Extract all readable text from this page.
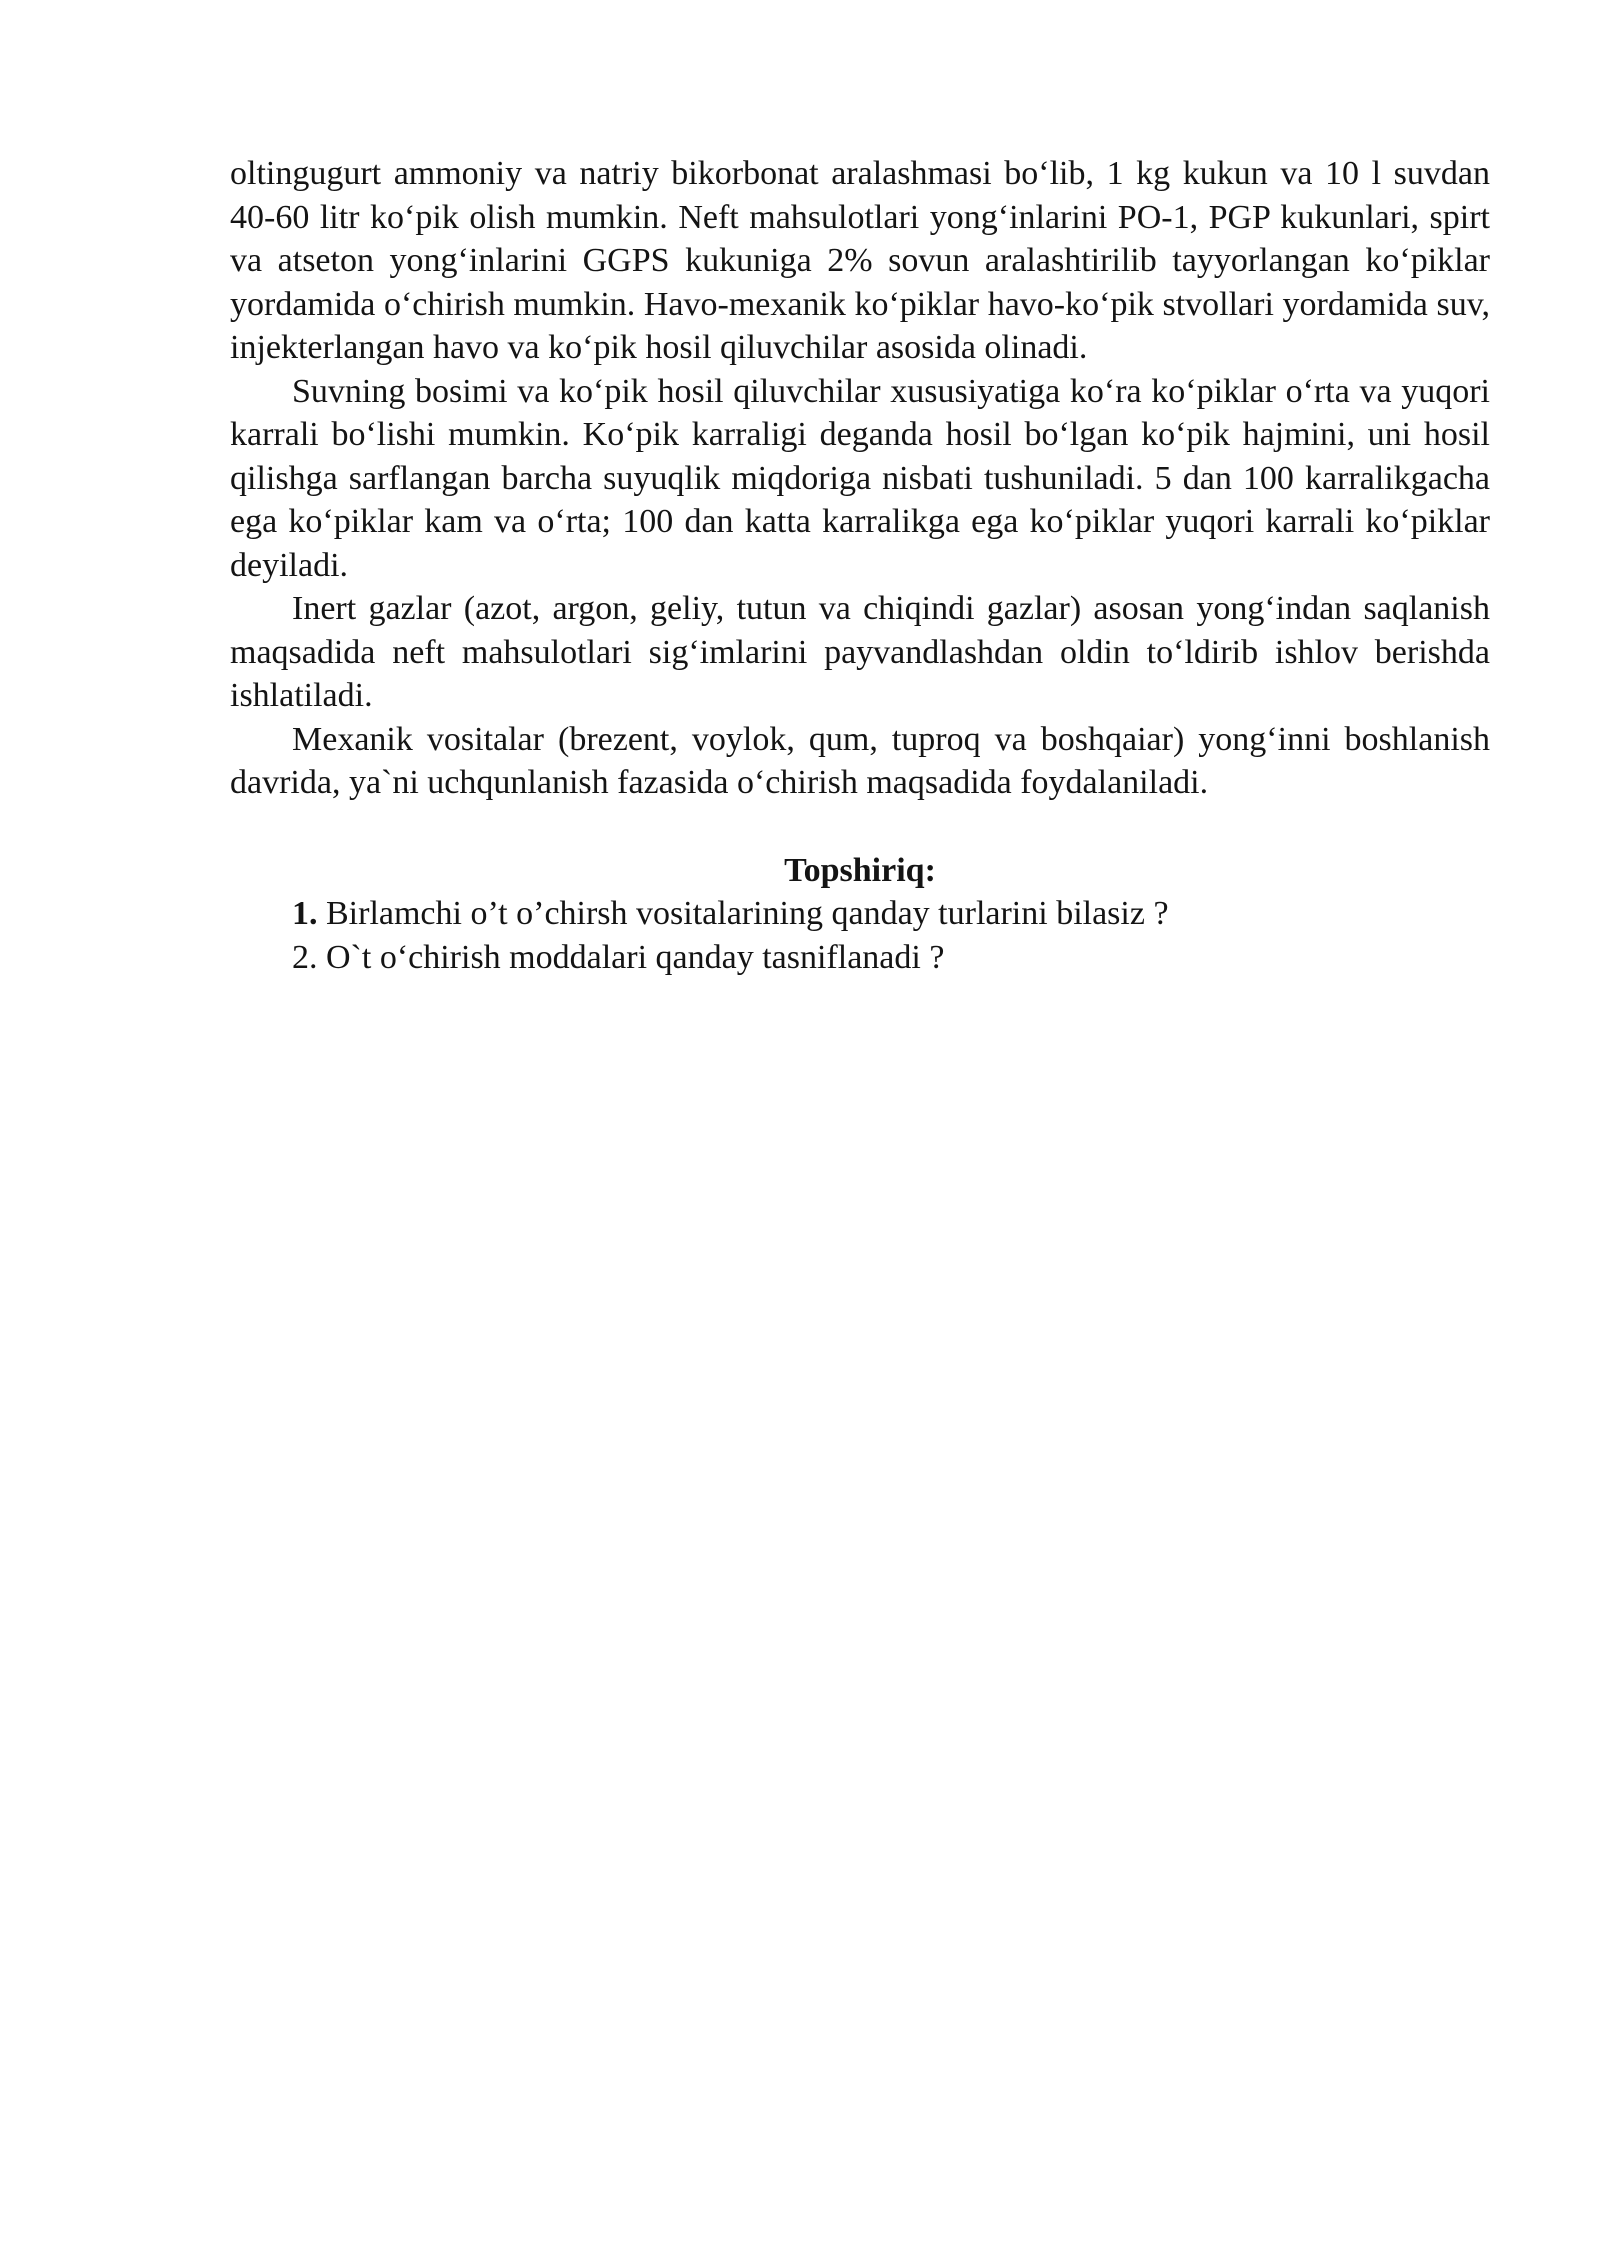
oltingugurt ammoniy va natriy bikorbonat aralashmasi bo‘lib, 1 kg kukun va 10 l suvdan 40-60 litr ko‘pik olish mumkin. Neft mahsulotlari yong‘inlarini PO-1, PGP kukunlari, spirt va atseton yong‘inlarini GGPS kukuniga 2% sovun aralashtirilib tayyorlangan ko‘piklar yordamida o‘chirish mumkin. Havo-mexanik ko‘piklar havo-ko‘pik stvollari yordamida suv, injekterlangan havo va ko‘pik hosil qiluvchilar asosida olinadi.

Suvning bosimi va ko‘pik hosil qiluvchilar xususiyatiga ko‘ra ko‘piklar o‘rta va yuqori karrali bo‘lishi mumkin. Ko‘pik karraligi deganda hosil bo‘lgan ko‘pik hajmini, uni hosil qilishga sarflangan barcha suyuqlik miqdoriga nisbati tushuniladi. 5 dan 100 karralikgacha ega ko‘piklar kam va o‘rta; 100 dan katta karralikga ega ko‘piklar yuqori karrali ko‘piklar deyiladi.

Inert gazlar (azot, argon, geliy, tutun va chiqindi gazlar) asosan yong‘indan saqlanish maqsadida neft mahsulotlari sig‘imlarini payvandlashdan oldin to‘ldirib ishlov berishda ishlatiladi.

Mexanik vositalar (brezent, voylok, qum, tuproq va boshqaiar) yong‘inni boshlanish davrida, ya`ni uchqunlanish fazasida o‘chirish maqsadida foydalaniladi.

Topshiriq:

1. Birlamchi o’t o’chirsh vositalarining qanday turlarini bilasiz ?

2. O`t o‘chirish moddalari qanday tasniflanadi ?
